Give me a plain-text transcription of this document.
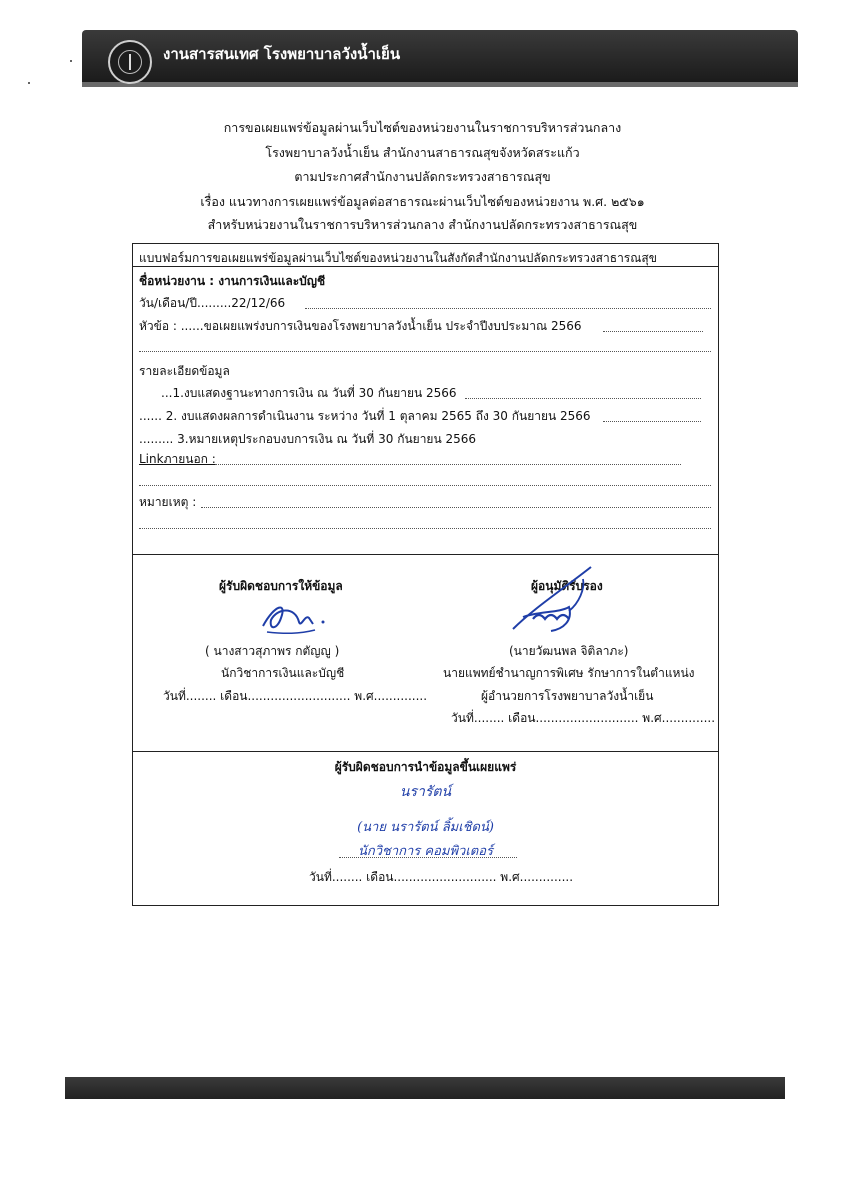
งานสารสนเทศ โรงพยาบาลวังน้ำเย็น
การขอเผยแพร่ข้อมูลผ่านเว็บไซต์ของหน่วยงานในราชการบริหารส่วนกลาง
โรงพยาบาลวังน้ำเย็น สำนักงานสาธารณสุขจังหวัดสระแก้ว
ตามประกาศสำนักงานปลัดกระทรวงสาธารณสุข
เรื่อง แนวทางการเผยแพร่ข้อมูลต่อสาธารณะผ่านเว็บไซต์ของหน่วยงาน พ.ศ. ๒๕๖๑
สำหรับหน่วยงานในราชการบริหารส่วนกลาง สำนักงานปลัดกระทรวงสาธารณสุข
แบบฟอร์มการขอเผยแพร่ข้อมูลผ่านเว็บไซต์ของหน่วยงานในสังกัดสำนักงานปลัดกระทรวงสาธารณสุข
ชื่อหน่วยงาน : งานการเงินและบัญชี
วัน/เดือน/ปี.........22/12/66
หัวข้อ : ......ขอเผยแพร่งบการเงินของโรงพยาบาลวังน้ำเย็น ประจำปีงบประมาณ 2566
รายละเอียดข้อมูล
...1.งบแสดงฐานะทางการเงิน ณ วันที่ 30 กันยายน 2566
...... 2. งบแสดงผลการดำเนินงาน ระหว่าง วันที่ 1 ตุลาคม 2565 ถึง 30 กันยายน 2566
......... 3.หมายเหตุประกอบงบการเงิน ณ วันที่ 30 กันยายน 2566
Linkภายนอก :
หมายเหตุ :
ผู้รับผิดชอบการให้ข้อมูล
( นางสาวสุภาพร กตัญญู )
นักวิชาการเงินและบัญชี
วันที่........ เดือน........................... พ.ศ..............
ผู้อนุมัติรับรอง
(นายวัฒนพล จิติลาภะ)
นายแพทย์ชำนาญการพิเศษ รักษาการในตำแหน่ง
ผู้อำนวยการโรงพยาบาลวังน้ำเย็น
วันที่........ เดือน........................... พ.ศ..............
ผู้รับผิดชอบการนำข้อมูลขึ้นเผยแพร่
นรารัตน์
(นาย นรารัตน์ ลิ้มเชิดน์)
นักวิชาการ คอมพิวเตอร์
วันที่........ เดือน........................... พ.ศ..............
